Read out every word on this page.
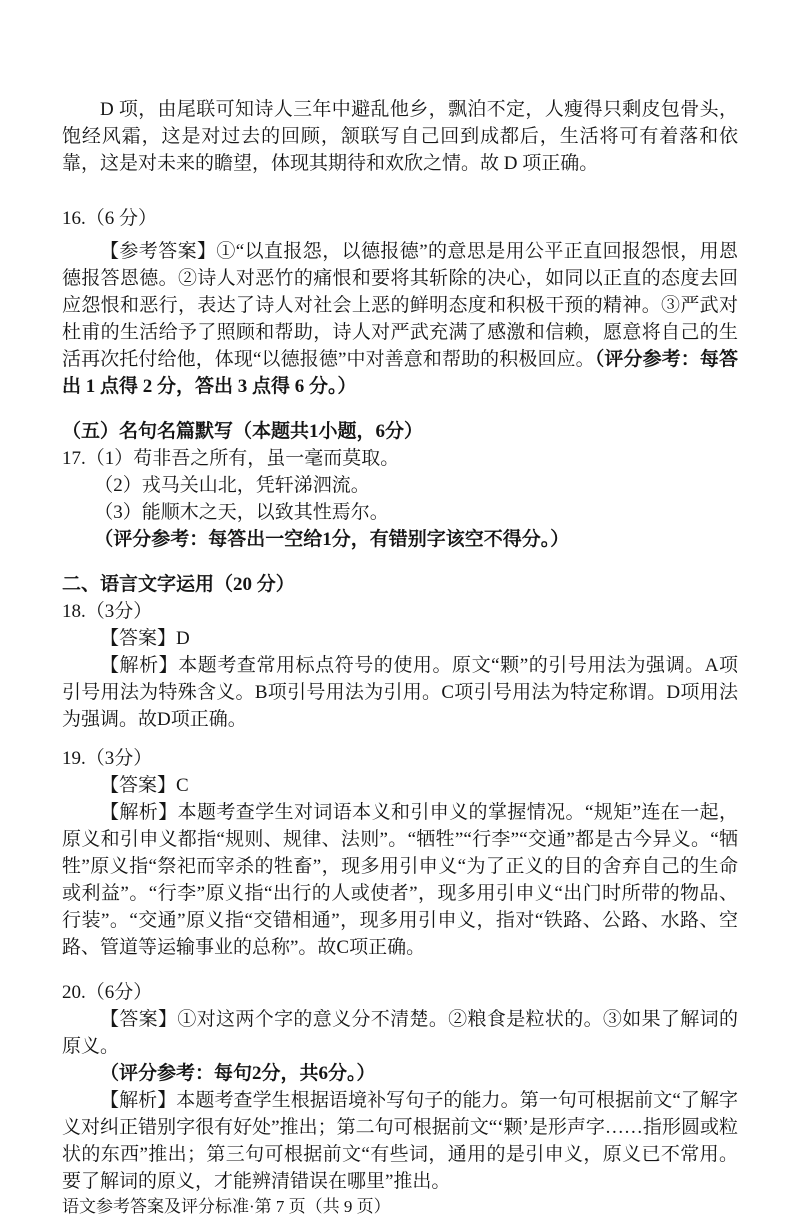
D 项，由尾联可知诗人三年中避乱他乡，飘泊不定，人瘦得只剩皮包骨头，饱经风霜，这是对过去的回顾，颔联写自己回到成都后，生活将可有着落和依靠，这是对未来的瞻望，体现其期待和欢欣之情。故 D 项正确。

16.（6 分）

【参考答案】①“以直报怨，以德报德”的意思是用公平正直回报怨恨，用恩德报答恩德。②诗人对恶竹的痛恨和要将其斩除的决心，如同以正直的态度去回应怨恨和恶行，表达了诗人对社会上恶的鲜明态度和积极干预的精神。③严武对杜甫的生活给予了照顾和帮助，诗人对严武充满了感激和信赖，愿意将自己的生活再次托付给他，体现“以德报德”中对善意和帮助的积极回应。（评分参考：每答出 1 点得 2 分，答出 3 点得 6 分。）

（五）名句名篇默写（本题共1小题，6分）

17.（1）苟非吾之所有，虽一毫而莫取。

（2）戎马关山北，凭轩涕泗流。

（3）能顺木之天，以致其性焉尔。

（评分参考：每答出一空给1分，有错别字该空不得分。）

二、语言文字运用（20 分）

18.（3分）

【答案】D

【解析】本题考查常用标点符号的使用。原文“颗”的引号用法为强调。A项引号用法为特殊含义。B项引号用法为引用。C项引号用法为特定称谓。D项用法为强调。故D项正确。

19.（3分）

【答案】C

【解析】本题考查学生对词语本义和引申义的掌握情况。“规矩”连在一起，原义和引申义都指“规则、规律、法则”。“牺牲”“行李”“交通”都是古今异义。“牺牲”原义指“祭祀而宰杀的牲畜”，现多用引申义“为了正义的目的舍弃自己的生命或利益”。“行李”原义指“出行的人或使者”，现多用引申义“出门时所带的物品、行装”。“交通”原义指“交错相通”，现多用引申义，指对“铁路、公路、水路、空路、管道等运输事业的总称”。故C项正确。

20.（6分）

【答案】①对这两个字的意义分不清楚。②粮食是粒状的。③如果了解词的原义。

（评分参考：每句2分，共6分。）

【解析】本题考查学生根据语境补写句子的能力。第一句可根据前文“了解字义对纠正错别字很有好处”推出；第二句可根据前文“‘颗’是形声字……指形圆或粒状的东西”推出；第三句可根据前文“有些词，通用的是引申义，原义已不常用。要了解词的原义，才能辨清错误在哪里”推出。

语文参考答案及评分标准·第 7 页（共 9 页）
